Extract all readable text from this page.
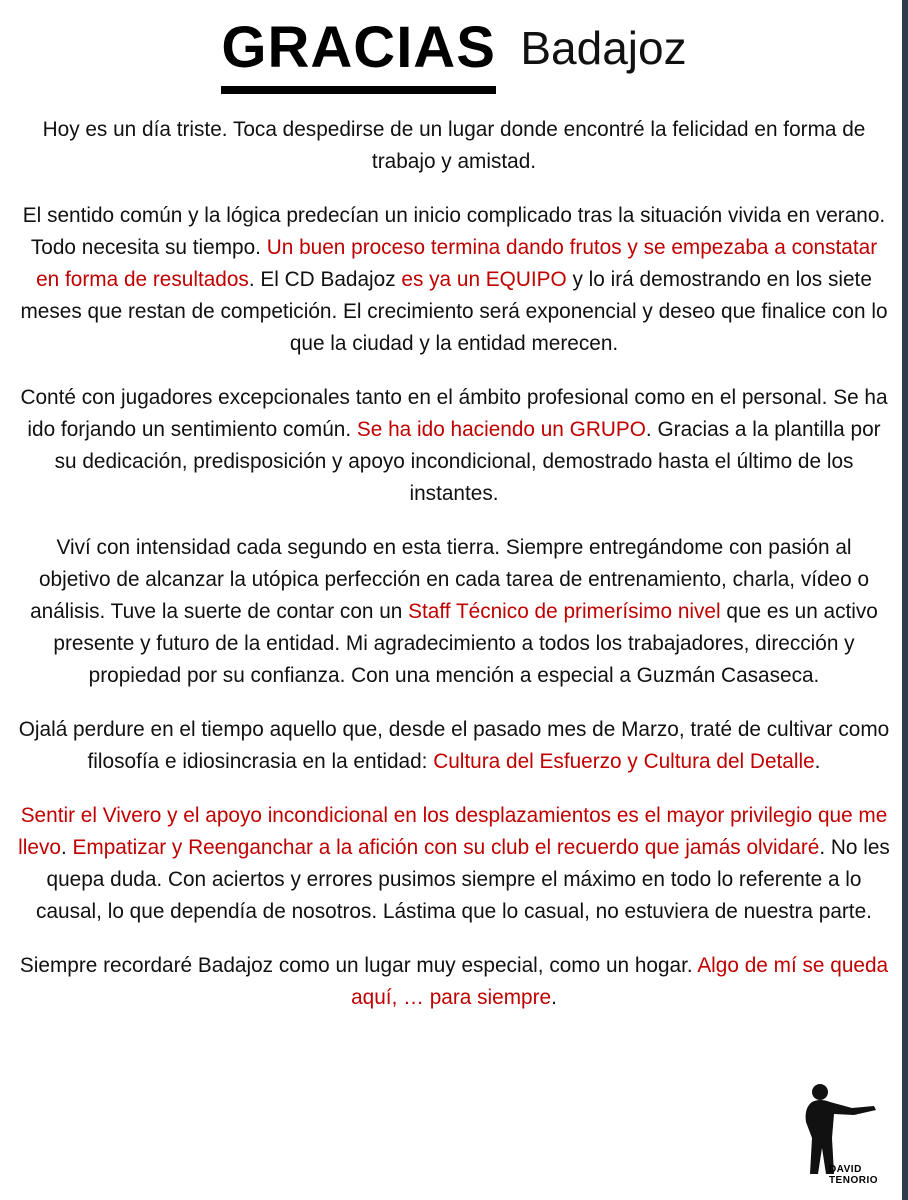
GRACIAS Badajoz

Hoy es un día triste. Toca despedirse de un lugar donde encontré la felicidad en forma de trabajo y amistad.

El sentido común y la lógica predecían un inicio complicado tras la situación vivida en verano. Todo necesita su tiempo. Un buen proceso termina dando frutos y se empezaba a constatar en forma de resultados. El CD Badajoz es ya un EQUIPO y lo irá demostrando en los siete meses que restan de competición. El crecimiento será exponencial y deseo que finalice con lo que la ciudad y la entidad merecen.

Conté con jugadores excepcionales tanto en el ámbito profesional como en el personal. Se ha ido forjando un sentimiento común. Se ha ido haciendo un GRUPO. Gracias a la plantilla por su dedicación, predisposición y apoyo incondicional, demostrado hasta el último de los instantes.

Viví con intensidad cada segundo en esta tierra. Siempre entregándome con pasión al objetivo de alcanzar la utópica perfección en cada tarea de entrenamiento, charla, vídeo o análisis. Tuve la suerte de contar con un Staff Técnico de primerísimo nivel que es un activo presente y futuro de la entidad. Mi agradecimiento a todos los trabajadores, dirección y propiedad por su confianza. Con una mención a especial a Guzmán Casaseca.

Ojalá perdure en el tiempo aquello que, desde el pasado mes de Marzo, traté de cultivar como filosofía e idiosincrasia en la entidad: Cultura del Esfuerzo y Cultura del Detalle.

Sentir el Vivero y el apoyo incondicional en los desplazamientos es el mayor privilegio que me llevo. Empatizar y Reenganchar a la afición con su club el recuerdo que jamás olvidaré. No les quepa duda. Con aciertos y errores pusimos siempre el máximo en todo lo referente a lo causal, lo que dependía de nosotros. Lástima que lo casual, no estuviera de nuestra parte.

Siempre recordaré Badajoz como un lugar muy especial, como un hogar. Algo de mí se queda aquí, … para siempre.

DAVID
TENORIO
